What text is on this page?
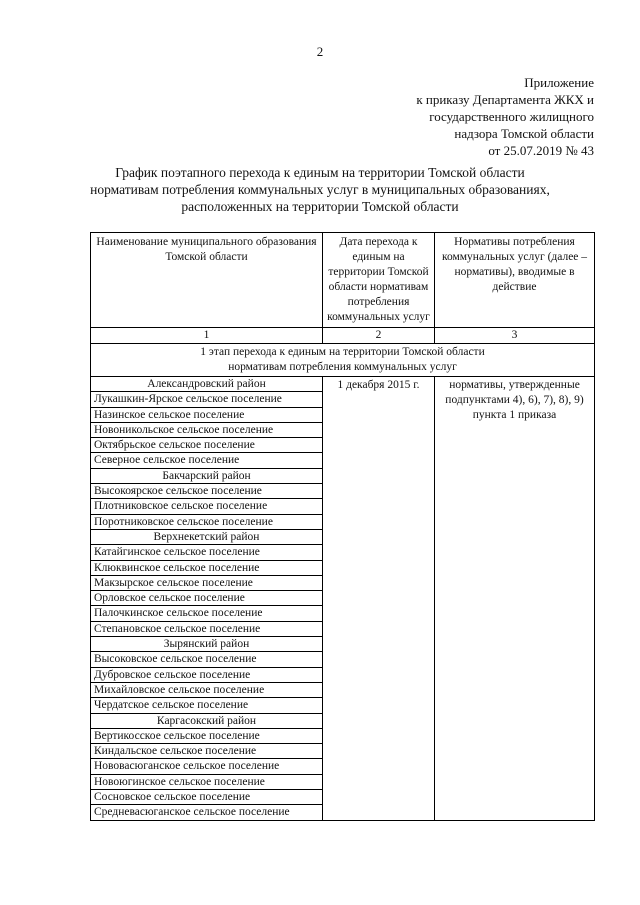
2
Приложение
к приказу Департамента ЖКХ и
государственного жилищного
надзора Томской области
от 25.07.2019 № 43
График поэтапного перехода к единым на территории Томской области
нормативам потребления коммунальных услуг в муниципальных образованиях,
расположенных на территории Томской области
Наименование муниципального образования Томской области	Дата перехода к единым на территории Томской области нормативам потребления коммунальных услуг	Нормативы потребления коммунальных услуг (далее – нормативы), вводимые в действие
1	2	3

1 этап перехода к единым на территории Томской области
нормативам потребления коммунальных услуг		

Александровский район	1 декабря 2015 г.	нормативы, утвержденные подпунктами 4), 6), 7), 8), 9) пункта 1 приказа
Лукашкин-Ярское сельское поселение		
Назинское сельское поселение		
Новоникольское сельское поселение		
Октябрьское сельское поселение		
Северное сельское поселение		
Бакчарский район		
Высокоярское сельское поселение		
Плотниковское сельское поселение		
Поротниковское сельское поселение		
Верхнекетский район		
Катайгинское сельское поселение		
Клюквинское сельское поселение		
Макзырское сельское поселение		
Орловское сельское поселение		
Палочкинское сельское поселение		
Степановское сельское поселение		
Зырянский район		
Высоковское сельское поселение		
Дубровское сельское поселение		
Михайловское сельское поселение		
Чердатское сельское поселение		
Каргасокский район		
Вертикосское сельское поселение		
Киндальское сельское поселение		
Нововасюганское сельское поселение		
Новоюгинское сельское поселение		
Сосновское сельское поселение		
Средневасюганское сельское поселение		
